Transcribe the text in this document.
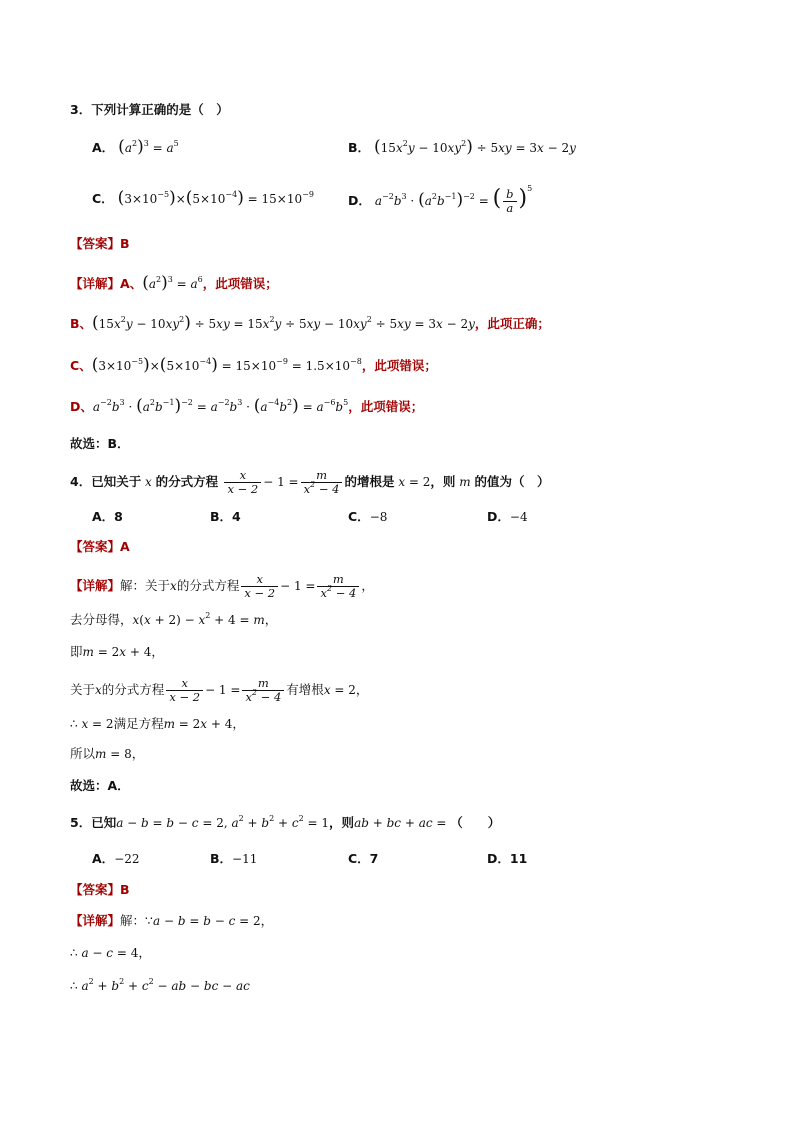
3．下列计算正确的是（　）
A． $(a^2)^3 = a^5$	B． $(15x^2y - 10xy^2) \div 5xy = 3x - 2y$
C． $(3\times 10^{-5})\times(5\times 10^{-4}) = 15\times 10^{-9}$	D． $a^{-2}b^3 \cdot (a^2b^{-1})^{-2}$ = ( $\frac{b}{a} )^5$
【答案】B
【详解】A、$(a^2)^3 = a^6$，此项错误；
B、$(15x^2y - 10xy^2) \div 5xy = 15x^2y \div 5xy - 10xy^2 \div 5xy = 3x - 2y$，此项正确；
C、$(3\times 10^{-5})\times(5\times 10^{-4}) = 15\times 10^{-9} = 1.5\times 10^{-8}$，此项错误；
D、$a^{-2}b^3 \cdot (a^2b^{-1})^{-2} = a^{-2}b^3 \cdot (a^{-4}b^2) = a^{-6}b^5$，此项错误；
故选：B．
4．已知关于 x 的分式方程 $\frac{x}{x - 2} - 1 = \frac{m}{x^2 - 4}$ 的增根是 x = 2，则 m 的值为（　）
A．8	B．4	C．−8	D．−4
【答案】A
【详解】解：关于x的分式方程 $\frac{x}{x - 2} - 1 = \frac{m}{x^2 - 4}$ ，
去分母得，$x(x + 2) - x^2 + 4 = m$，
即m = 2x + 4，
关于x的分式方程 $\frac{x}{x - 2} - 1 = \frac{m}{x^2 - 4}$ 有增根x = 2，
∴ x = 2满足方程m = 2x + 4，
所以m = 8，
故选：A．
5．已知a − b = b − c = 2, $a^2 + b^2 + c^2 = 1$，则ab + bc + ac = （　　）
A．−22	B．−11	C．7	D．11
【答案】B
【详解】解：∵a − b = b − c = 2，
∴ a − c = 4，
∴ $a^2 + b^2 + c^2$ − ab − bc − ac
